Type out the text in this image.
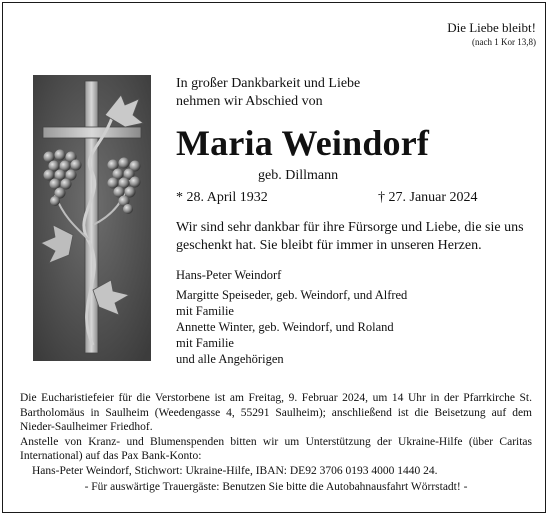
Die Liebe bleibt!
(nach 1 Kor 13,8)
In großer Dankbarkeit und Liebe
nehmen wir Abschied von
Maria Weindorf
geb. Dillmann
* 28. April 1932	† 27. Januar 2024
Wir sind sehr dankbar für ihre Fürsorge und Liebe, die sie uns geschenkt hat. Sie bleibt für immer in unseren Herzen.
Hans-Peter Weindorf
Margitte Speiseder, geb. Weindorf, und Alfred
mit Familie
Annette Winter, geb. Weindorf, und Roland
mit Familie
und alle Angehörigen

Die Eucharistiefeier für die Verstorbene ist am Freitag, 9. Februar 2024, um 14 Uhr in der Pfarrkirche St. Bartholomäus in Saulheim (Weedengasse 4, 55291 Saulheim); anschließend ist die Beisetzung auf dem Nieder-Saulheimer Friedhof.

Anstelle von Kranz- und Blumenspenden bitten wir um Unterstützung der Ukraine-Hilfe (über Caritas International) auf das Pax Bank-Konto:

Hans-Peter Weindorf, Stichwort: Ukraine-Hilfe, IBAN: DE92 3706 0193 4000 1440 24.

- Für auswärtige Trauergäste: Benutzen Sie bitte die Autobahnausfahrt Wörrstadt! -
